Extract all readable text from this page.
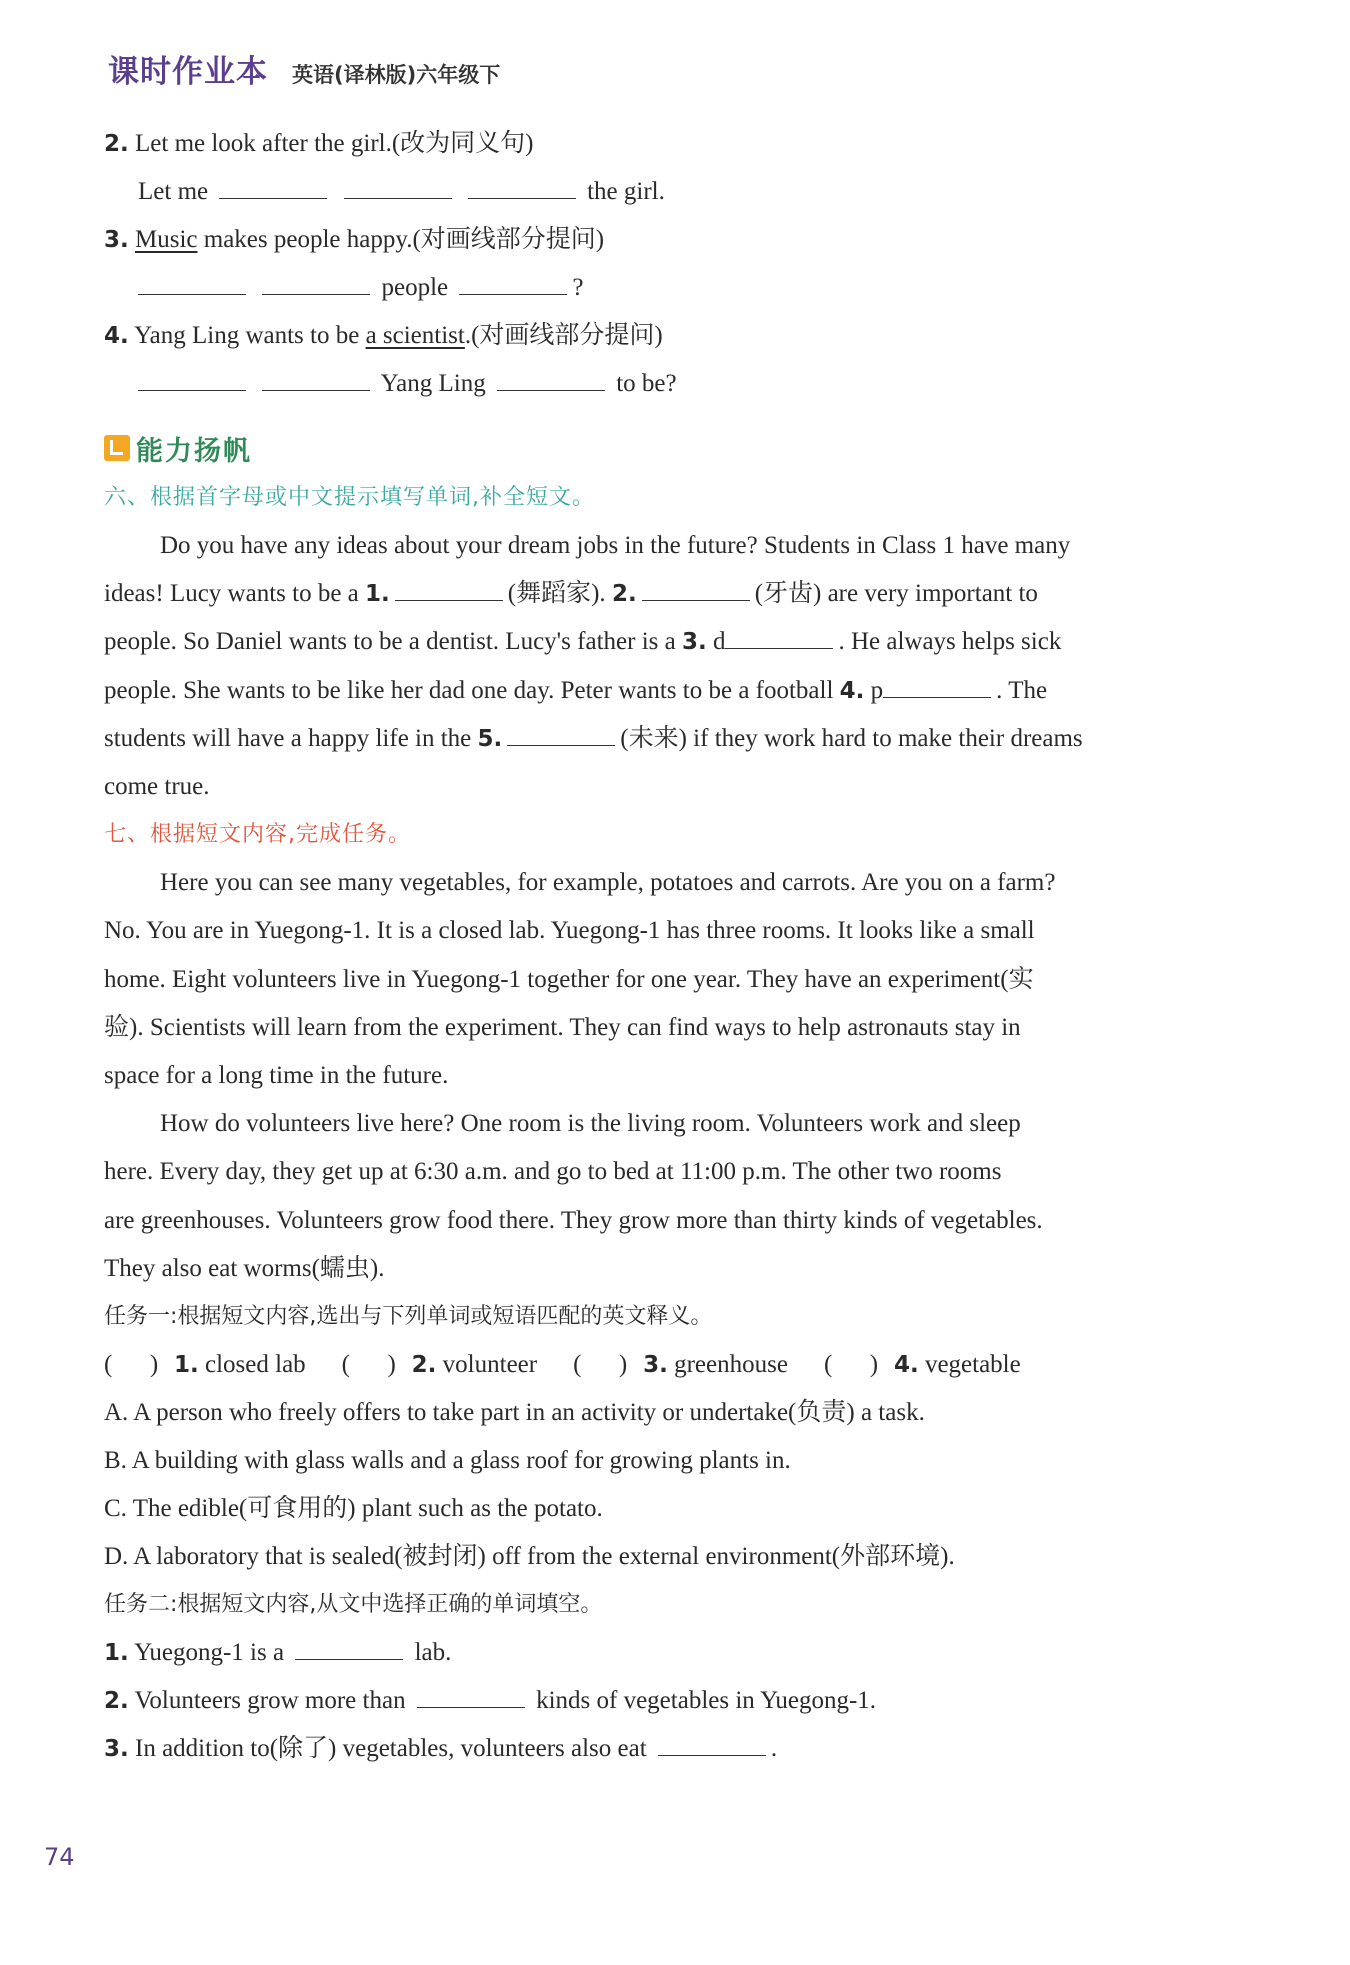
课时作业本 英语(译林版)六年级下
2. Let me look after the girl.(改为同义句)
Let me	the girl.
3. Music makes people happy.(对画线部分提问)
people	?
4. Yang Ling wants to be a scientist.(对画线部分提问)
Yang Ling	to be?
能力扬帆
六、根据首字母或中文提示填写单词,补全短文。
Do you have any ideas about your dream jobs in the future? Students in Class 1 have many
ideas! Lucy wants to be a 1.	(舞蹈家). 2.	(牙齿) are very important to
people. So Daniel wants to be a dentist. Lucy's father is a 3. d	. He always helps sick
people. She wants to be like her dad one day. Peter wants to be a football 4. p	. The
students will have a happy life in the 5.	(未来) if they work hard to make their dreams
come true.
七、根据短文内容,完成任务。
Here you can see many vegetables, for example, potatoes and carrots. Are you on a farm?
No. You are in Yuegong-1. It is a closed lab. Yuegong-1 has three rooms. It looks like a small
home. Eight volunteers live in Yuegong-1 together for one year. They have an experiment(实
验). Scientists will learn from the experiment. They can find ways to help astronauts stay in
space for a long time in the future.
How do volunteers live here? One room is the living room. Volunteers work and sleep
here. Every day, they get up at 6:30 a.m. and go to bed at 11:00 p.m. The other two rooms
are greenhouses. Volunteers grow food there. They grow more than thirty kinds of vegetables.
They also eat worms(蠕虫).
任务一:根据短文内容,选出与下列单词或短语匹配的英文释义。
(      ) 1. closed lab (      ) 2. volunteer (      ) 3. greenhouse (      ) 4. vegetable
A. A person who freely offers to take part in an activity or undertake(负责) a task.
B. A building with glass walls and a glass roof for growing plants in.
C. The edible(可食用的) plant such as the potato.
D. A laboratory that is sealed(被封闭) off from the external environment(外部环境).
任务二:根据短文内容,从文中选择正确的单词填空。
1. Yuegong-1 is a	lab.
2. Volunteers grow more than	kinds of vegetables in Yuegong-1.
3. In addition to(除了) vegetables, volunteers also eat	.
74
